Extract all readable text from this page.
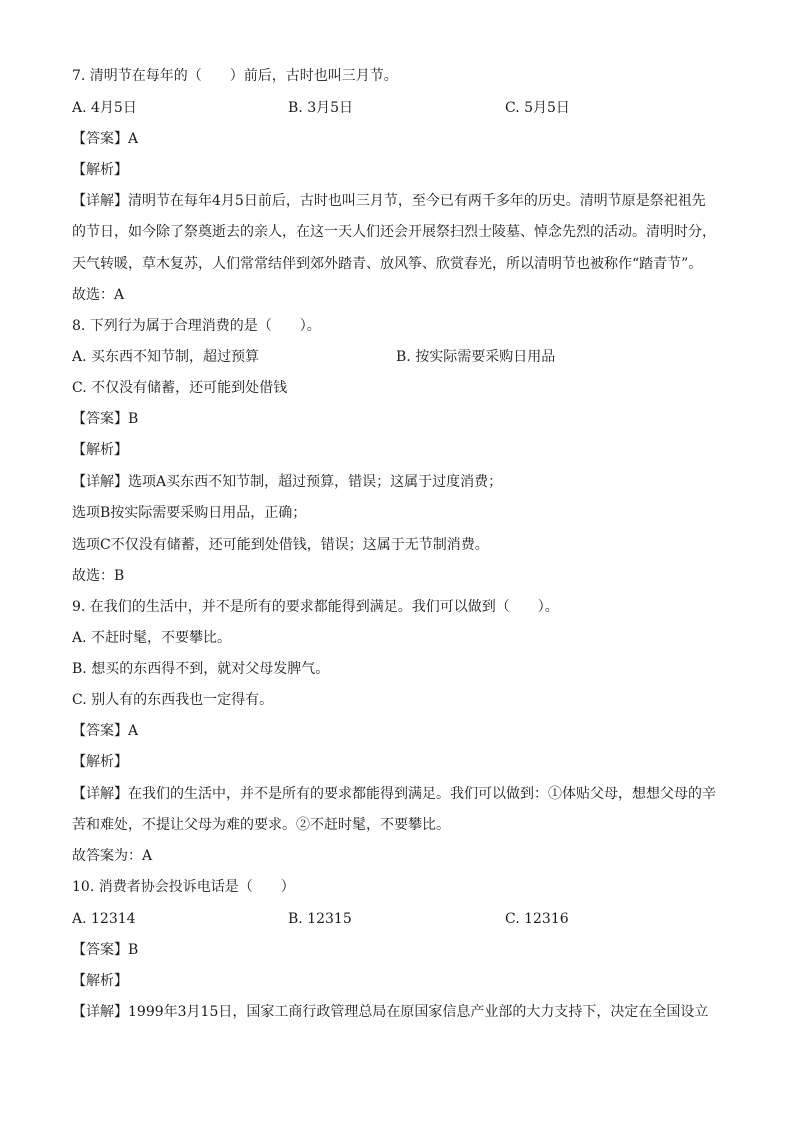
7. 清明节在每年的（　　）前后，古时也叫三月节。
A. 4月5日	B. 3月5日	C. 5月5日
【答案】A
【解析】
【详解】清明节在每年4月5日前后，古时也叫三月节，至今已有两千多年的历史。清明节原是祭祀祖先
的节日，如今除了祭奠逝去的亲人，在这一天人们还会开展祭扫烈士陵墓、悼念先烈的活动。清明时分，
天气转暖，草木复苏，人们常常结伴到郊外踏青、放风筝、欣赏春光，所以清明节也被称作“踏青节”。
故选：A
8. 下列行为属于合理消费的是（　　）。
A. 买东西不知节制，超过预算	B. 按实际需要采购日用品
C. 不仅没有储蓄，还可能到处借钱
【答案】B
【解析】
【详解】选项A买东西不知节制，超过预算，错误；这属于过度消费；
选项B按实际需要采购日用品，正确；
选项C不仅没有储蓄，还可能到处借钱，错误；这属于无节制消费。
故选：B
9. 在我们的生活中，并不是所有的要求都能得到满足。我们可以做到（　　）。
A. 不赶时髦，不要攀比。
B. 想买的东西得不到，就对父母发脾气。
C. 别人有的东西我也一定得有。
【答案】A
【解析】
【详解】在我们的生活中，并不是所有的要求都能得到满足。我们可以做到：①体贴父母，想想父母的辛
苦和难处，不提让父母为难的要求。②不赶时髦，不要攀比。
故答案为：A
10. 消费者协会投诉电话是（　　）
A. 12314	B. 12315	C. 12316
【答案】B
【解析】
【详解】1999年3月15日，国家工商行政管理总局在原国家信息产业部的大力支持下，决定在全国设立
